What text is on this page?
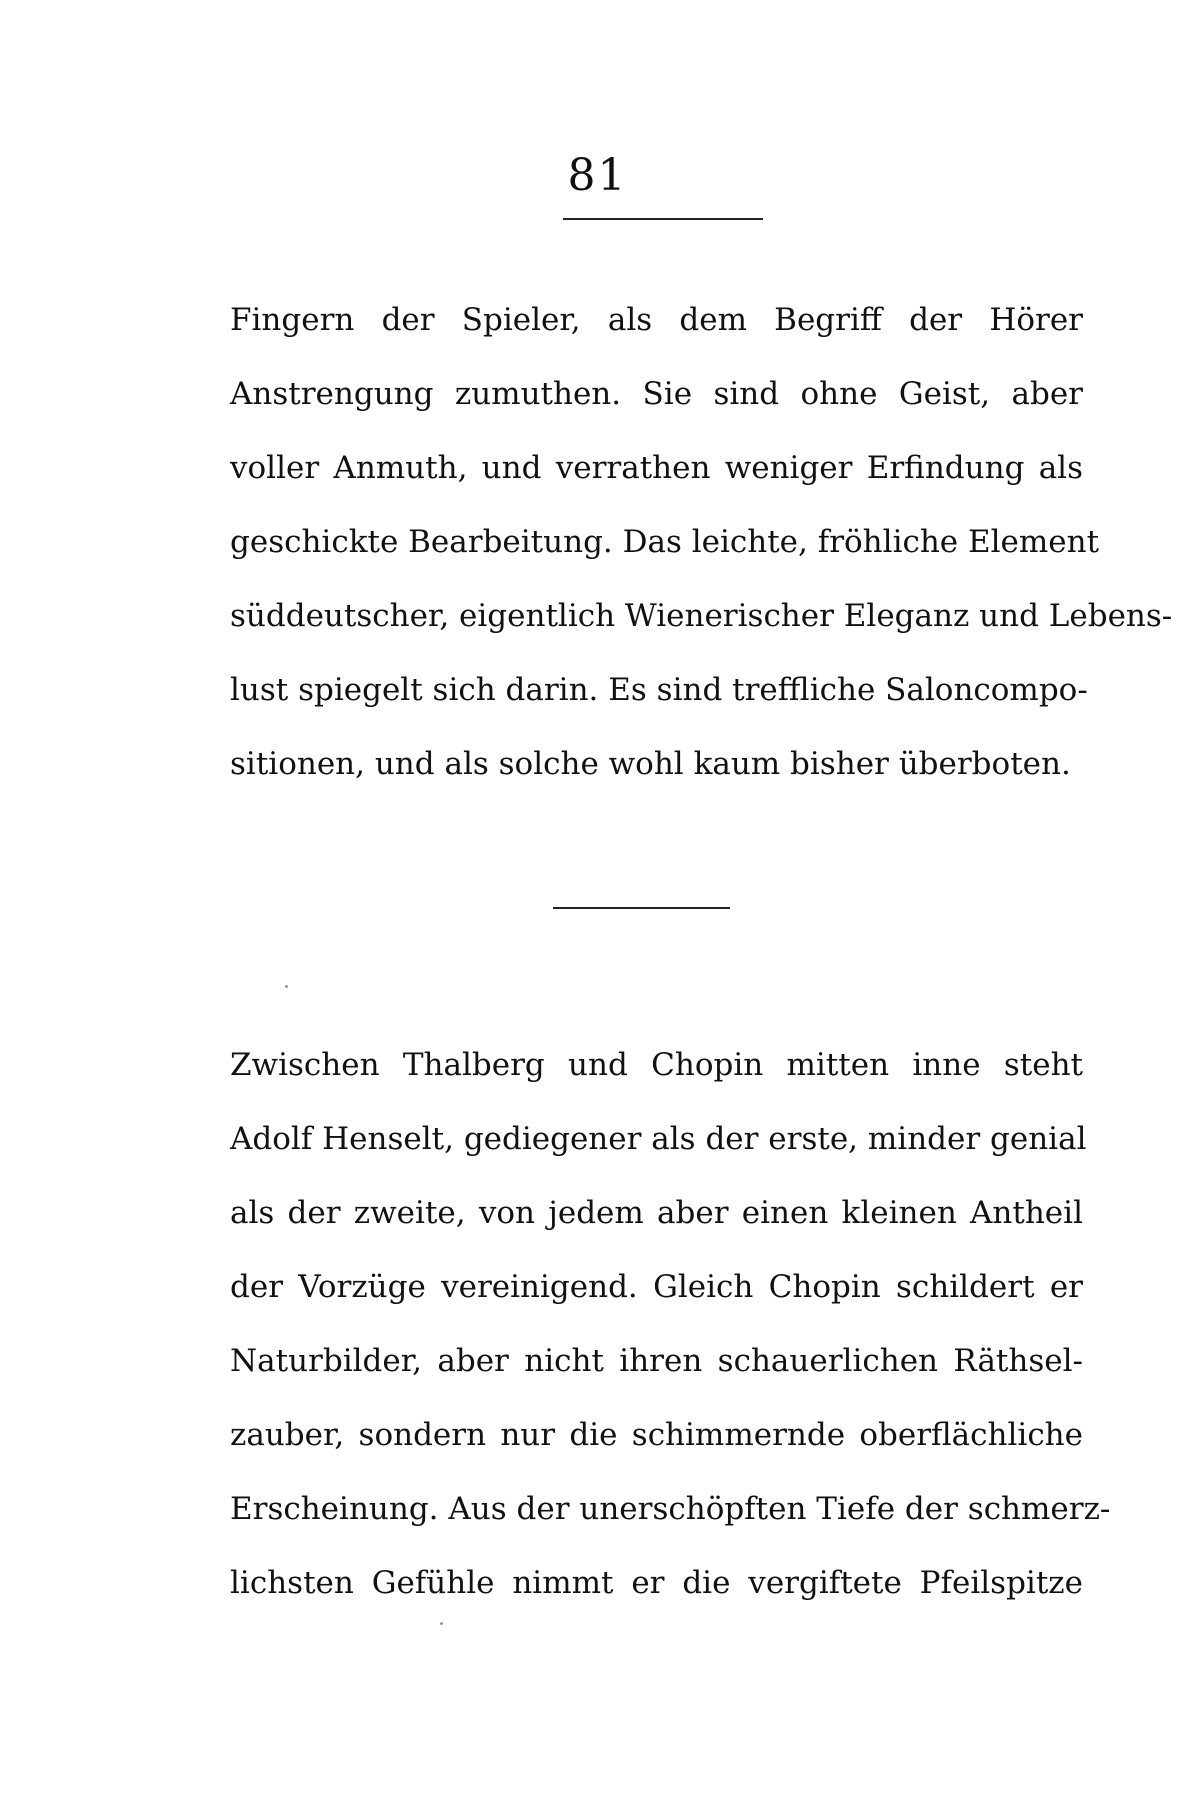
81
Fingern der Spieler, als dem Begriff der Hörer
Anstrengung zumuthen. Sie sind ohne Geist, aber
voller Anmuth, und verrathen weniger Erfindung als
geschickte Bearbeitung. Das leichte, fröhliche Element
süddeutscher, eigentlich Wienerischer Eleganz und Lebens-
lust spiegelt sich darin. Es sind treffliche Saloncompo-
sitionen, und als solche wohl kaum bisher überboten.
Zwischen Thalberg und Chopin mitten inne steht
Adolf Henselt, gediegener als der erste, minder genial
als der zweite, von jedem aber einen kleinen Antheil
der Vorzüge vereinigend. Gleich Chopin schildert er
Naturbilder, aber nicht ihren schauerlichen Räthsel-
zauber, sondern nur die schimmernde oberflächliche
Erscheinung. Aus der unerschöpften Tiefe der schmerz-
lichsten Gefühle nimmt er die vergiftete Pfeilspitze
